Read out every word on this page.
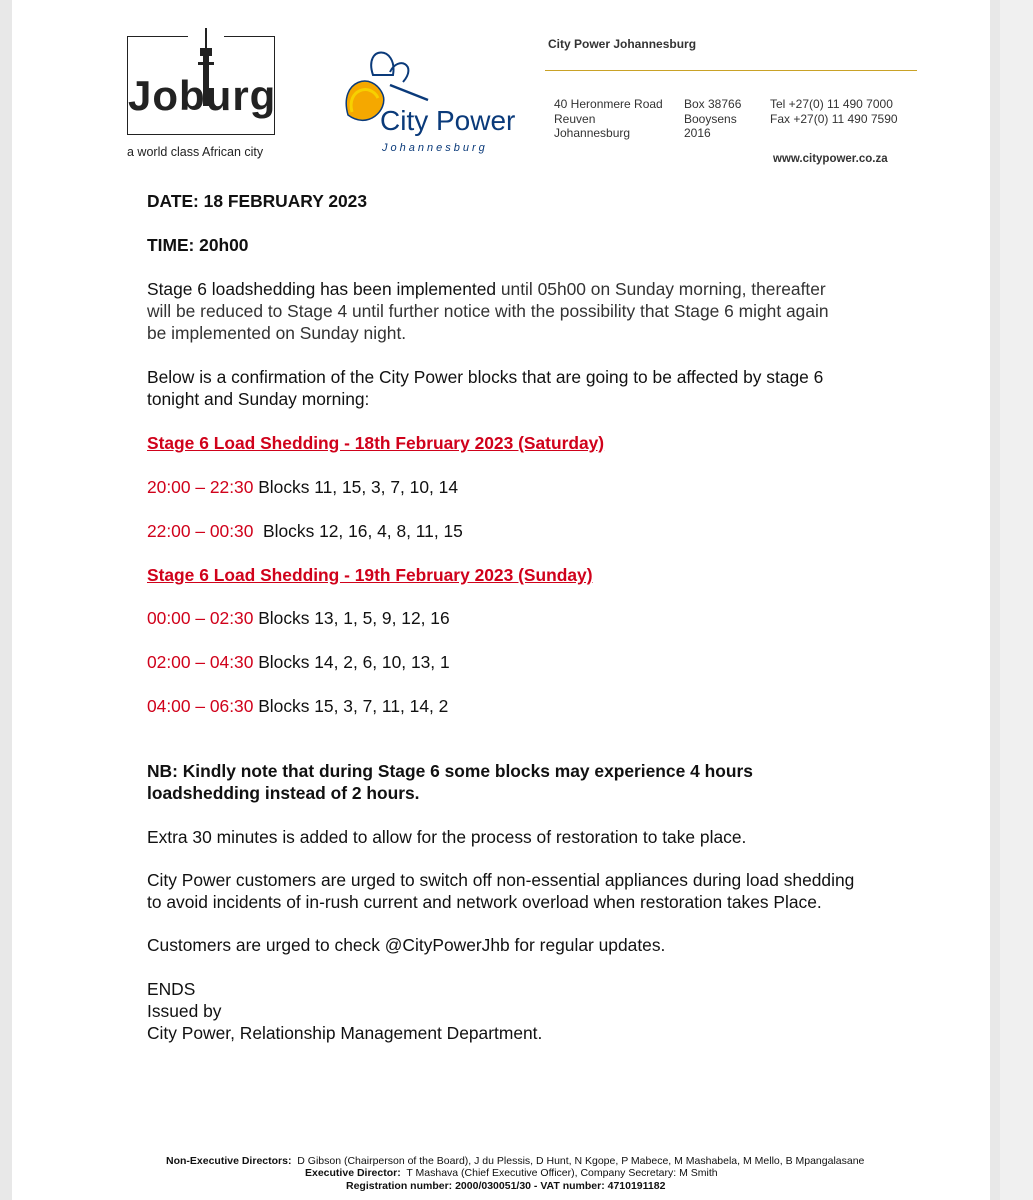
Joburg
a world class African city
City Power
Johannesburg
City Power Johannesburg
40 Heronmere Road
Reuven
Johannesburg
Box 38766
Booysens
2016
Tel +27(0) 11 490 7000
Fax +27(0) 11 490 7590
www.citypower.co.za
DATE: 18 FEBRUARY 2023
TIME: 20h00
Stage 6 loadshedding has been implemented until 05h00 on Sunday morning, thereafter
will be reduced to Stage 4 until further notice with the possibility that Stage 6 might again
be implemented on Sunday night.
Below is a confirmation of the City Power blocks that are going to be affected by stage 6
tonight and Sunday morning:
Stage 6 Load Shedding - 18th February 2023 (Saturday)
20:00 – 22:30 Blocks 11, 15, 3, 7, 10, 14
22:00 – 00:30  Blocks 12, 16, 4, 8, 11, 15
Stage 6 Load Shedding - 19th February 2023 (Sunday)
00:00 – 02:30 Blocks 13, 1, 5, 9, 12, 16
02:00 – 04:30 Blocks 14, 2, 6, 10, 13, 1
04:00 – 06:30 Blocks 15, 3, 7, 11, 14, 2
NB: Kindly note that during Stage 6 some blocks may experience 4 hours
loadshedding instead of 2 hours.
Extra 30 minutes is added to allow for the process of restoration to take place.
City Power customers are urged to switch off non-essential appliances during load shedding
to avoid incidents of in-rush current and network overload when restoration takes Place.
Customers are urged to check @CityPowerJhb for regular updates.
ENDS
Issued by
City Power, Relationship Management Department.
Non-Executive Directors: D Gibson (Chairperson of the Board), J du Plessis, D Hunt, N Kgope, P Mabece, M Mashabela, M Mello, B Mpangalasane
Executive Director: T Mashava (Chief Executive Officer), Company Secretary: M Smith
Registration number: 2000/030051/30 - VAT number: 4710191182
